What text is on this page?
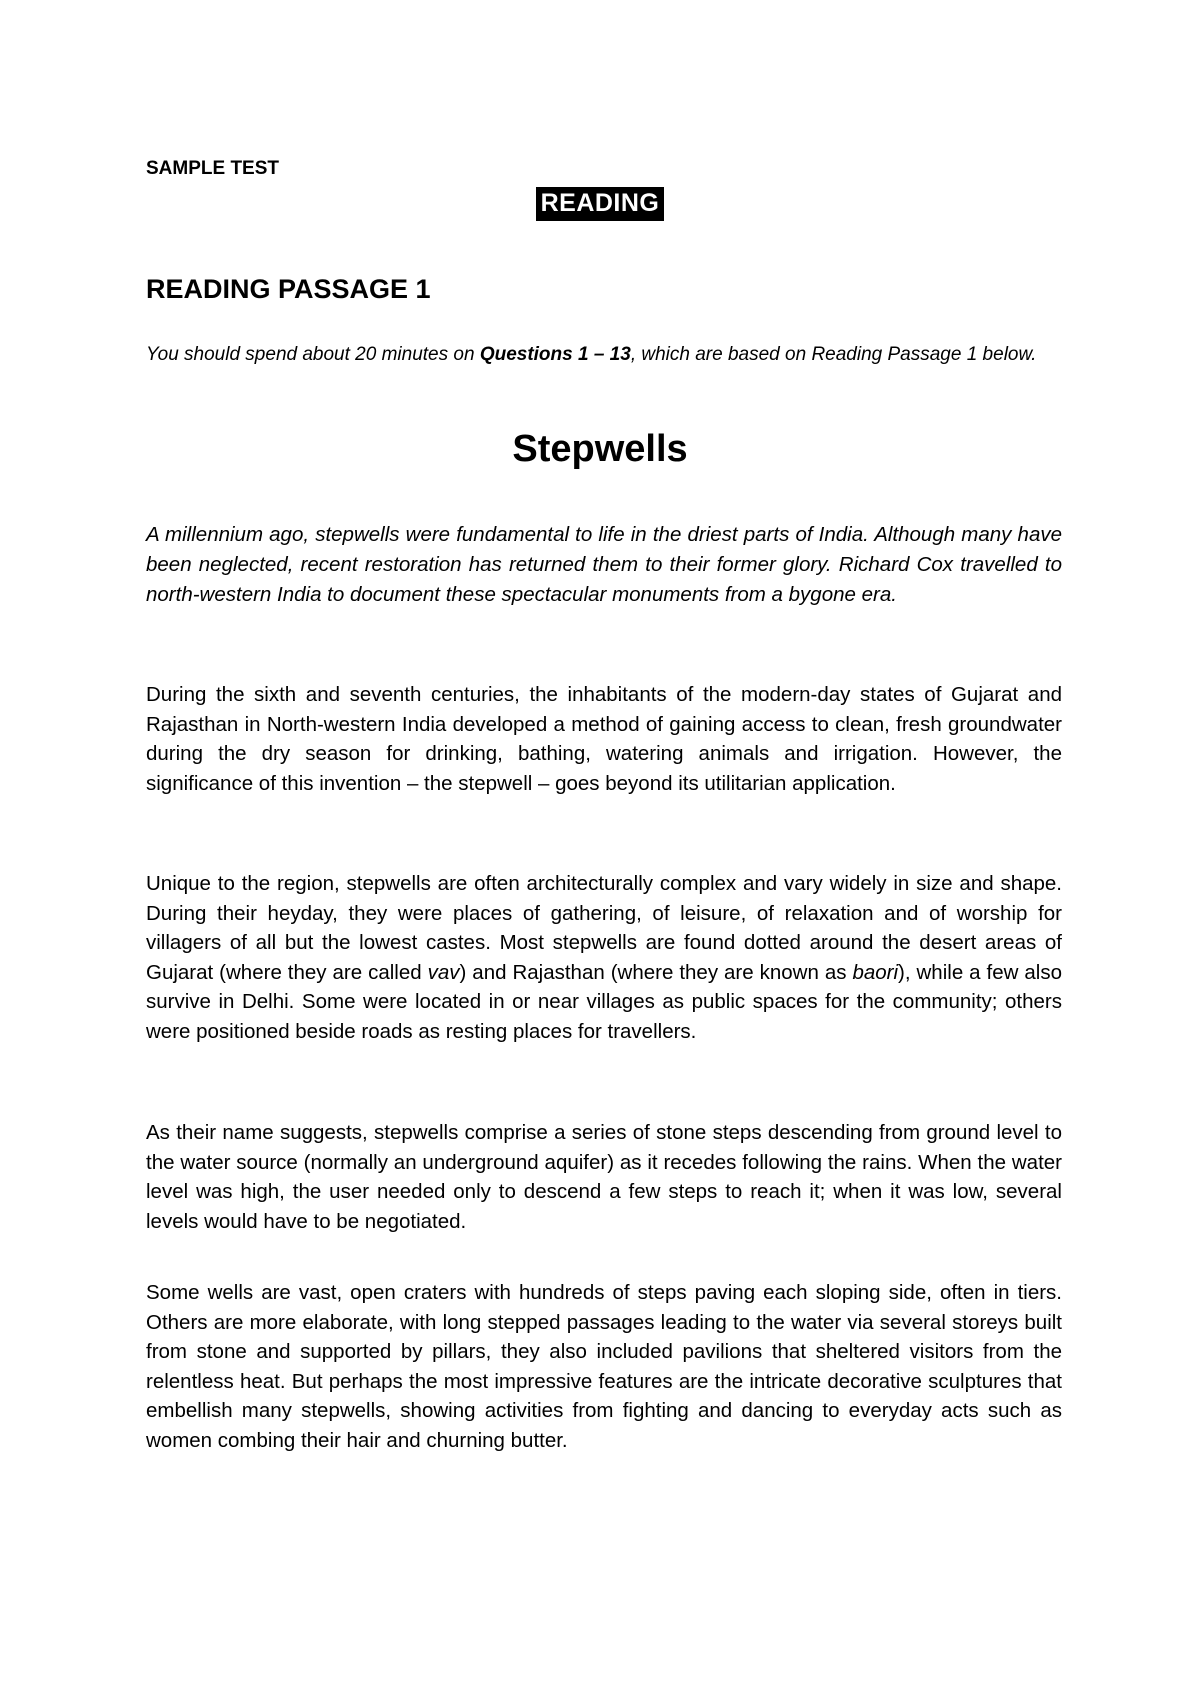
SAMPLE TEST
READING
READING PASSAGE 1
You should spend about 20 minutes on Questions 1 – 13, which are based on Reading Passage 1 below.
Stepwells
A millennium ago, stepwells were fundamental to life in the driest parts of India. Although many have been neglected, recent restoration has returned them to their former glory. Richard Cox travelled to north-western India to document these spectacular monuments from a bygone era.
During the sixth and seventh centuries, the inhabitants of the modern-day states of Gujarat and Rajasthan in North-western India developed a method of gaining access to clean, fresh groundwater during the dry season for drinking, bathing, watering animals and irrigation. However, the significance of this invention – the stepwell – goes beyond its utilitarian application.
Unique to the region, stepwells are often architecturally complex and vary widely in size and shape. During their heyday, they were places of gathering, of leisure, of relaxation and of worship for villagers of all but the lowest castes. Most stepwells are found dotted around the desert areas of Gujarat (where they are called vav) and Rajasthan (where they are known as baori), while a few also survive in Delhi. Some were located in or near villages as public spaces for the community; others were positioned beside roads as resting places for travellers.
As their name suggests, stepwells comprise a series of stone steps descending from ground level to the water source (normally an underground aquifer) as it recedes following the rains. When the water level was high, the user needed only to descend a few steps to reach it; when it was low, several levels would have to be negotiated.
Some wells are vast, open craters with hundreds of steps paving each sloping side, often in tiers. Others are more elaborate, with long stepped passages leading to the water via several storeys built from stone and supported by pillars, they also included pavilions that sheltered visitors from the relentless heat. But perhaps the most impressive features are the intricate decorative sculptures that embellish many stepwells, showing activities from fighting and dancing to everyday acts such as women combing their hair and churning butter.
